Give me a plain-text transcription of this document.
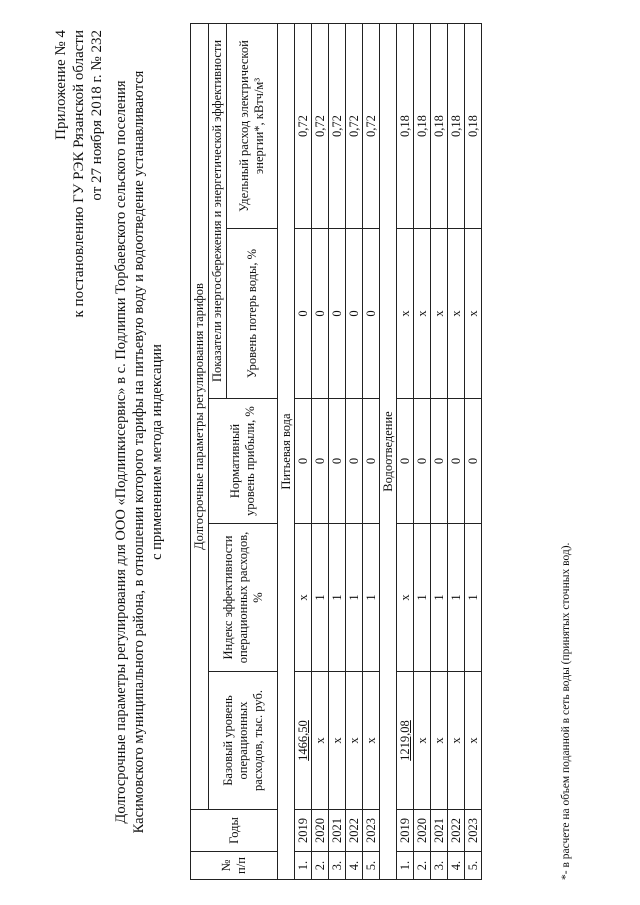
Приложение № 4 к постановлению ГУ РЭК Рязанской области от 27 ноября 2018 г. № 232 Долгосрочные параметры регулирования для ООО «Подлипкисервис» в с. Подлипки Торбаевского сельского поселения Касимовского муниципального района, в отношении которого тарифы на питьевую воду и водоотведение устанавливаются с применением метода индексации
№ п/п	Годы	Долгосрочные параметры регулирования тарифов				
		Базовый уровень операционных расходов, тыс. руб.	Индекс эффективности операционных расходов, %	Нормативный уровень прибыли, %	Показатели энергосбережения и энергетической эффективности	
					Уровень потерь воды, %	Удельный расход электрической энергии*, кВтч/м³
Питьевая вода						
1.	2019	1466,50	x	0	0	0,72
2.	2020	x	1	0	0	0,72
3.	2021	x	1	0	0	0,72
4.	2022	x	1	0	0	0,72
5.	2023	x	1	0	0	0,72
Водоотведение						
1.	2019	1219,08	x	0	x	0,18
2.	2020	x	1	0	x	0,18
3.	2021	x	1	0	x	0,18
4.	2022	x	1	0	x	0,18
5.	2023	x	1	0	x	0,18
*- в расчете на объем поданной в сеть воды (принятых сточных вод).
